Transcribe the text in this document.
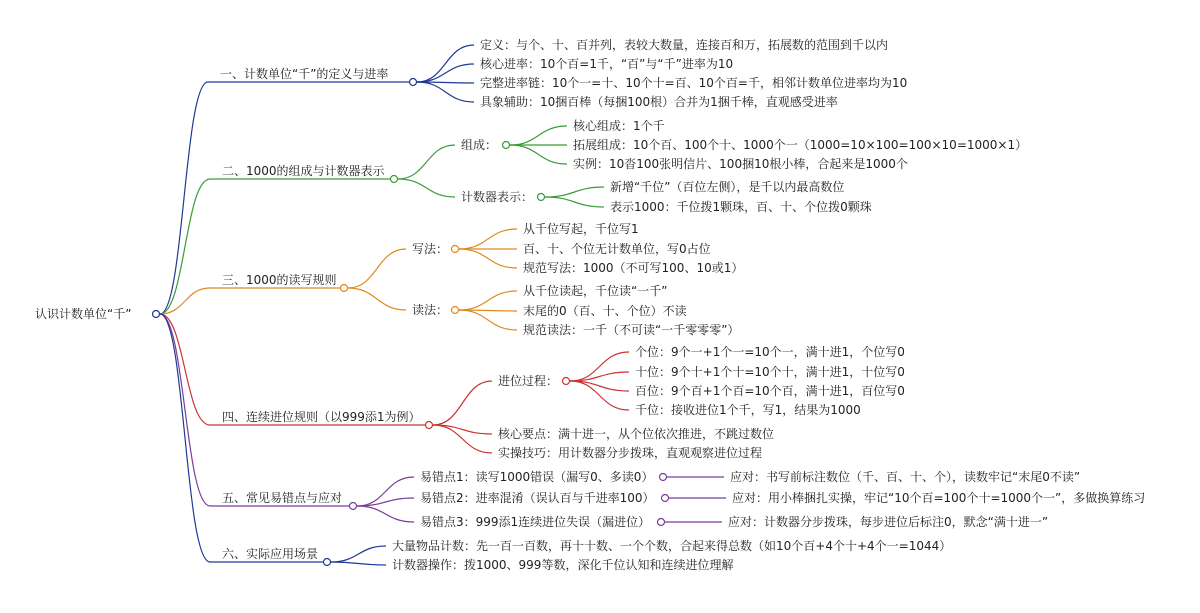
认识计数单位“千”
一、计数单位“千”的定义与进率
定义：与个、十、百并列，表较大数量，连接百和万，拓展数的范围到千以内
核心进率：10个百=1千，“百”与“千”进率为10
完整进率链：10个一=十、10个十=百、10个百=千，相邻计数单位进率均为10
具象辅助：10捆百棒（每捆100根）合并为1捆千棒，直观感受进率
二、1000的组成与计数器表示
组成：
核心组成：1个千
拓展组成：10个百、100个十、1000个一（1000=10×100=100×10=1000×1）
实例：10沓100张明信片、100捆10根小棒，合起来是1000个
计数器表示：
新增“千位”（百位左侧），是千以内最高数位
表示1000：千位拨1颗珠，百、十、个位拨0颗珠
三、1000的读写规则
写法：
从千位写起，千位写1
百、十、个位无计数单位，写0占位
规范写法：1000（不可写100、10或1）
读法：
从千位读起，千位读“一千”
末尾的0（百、十、个位）不读
规范读法：一千（不可读“一千零零零”）
四、连续进位规则（以999添1为例）
进位过程：
个位：9个一+1个一=10个一，满十进1，个位写0
十位：9个十+1个十=10个十，满十进1，十位写0
百位：9个百+1个百=10个百，满十进1，百位写0
千位：接收进位1个千，写1，结果为1000
核心要点：满十进一，从个位依次推进，不跳过数位
实操技巧：用计数器分步拨珠，直观观察进位过程
五、常见易错点与应对
易错点1：读写1000错误（漏写0、多读0）	应对：书写前标注数位（千、百、十、个），读数牢记“末尾0不读”
易错点2：进率混淆（误认百与千进率100）	应对：用小棒捆扎实操，牢记“10个百=100个十=1000个一”，多做换算练习
易错点3：999添1连续进位失误（漏进位）	应对：计数器分步拨珠，每步进位后标注0，默念“满十进一”
六、实际应用场景
大量物品计数：先一百一百数，再十十数、一个个数，合起来得总数（如10个百+4个十+4个一=1044）
计数器操作：拨1000、999等数，深化千位认知和连续进位理解
